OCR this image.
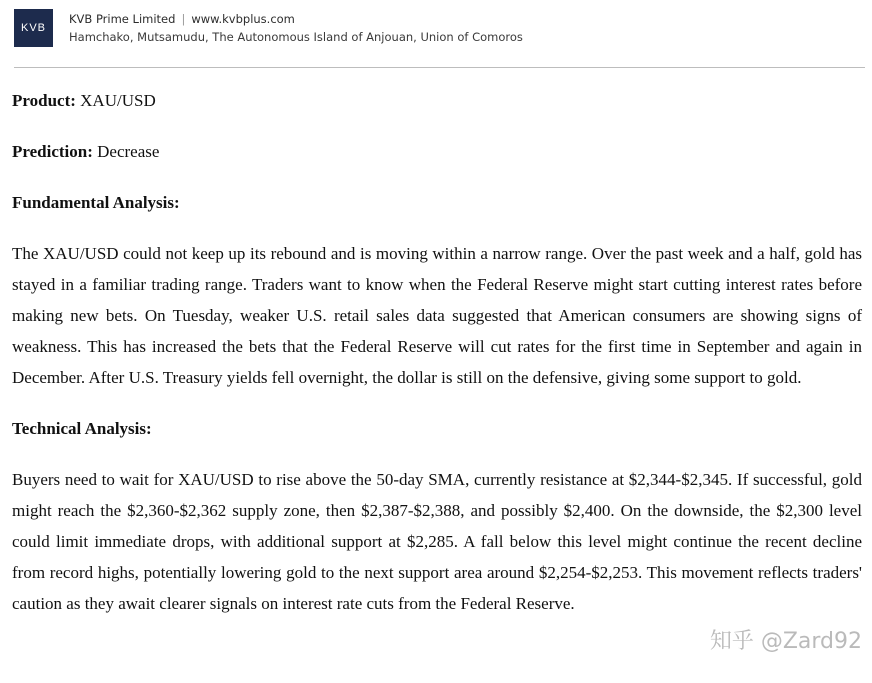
KVB
KVB Prime Limited | www.kvbplus.com
Hamchako, Mutsamudu, The Autonomous Island of Anjouan, Union of Comoros

Product: XAU/USD

Prediction: Decrease

Fundamental Analysis:

The XAU/USD could not keep up its rebound and is moving within a narrow range. Over the past week and a half, gold has stayed in a familiar trading range. Traders want to know when the Federal Reserve might start cutting interest rates before making new bets. On Tuesday, weaker U.S. retail sales data suggested that American consumers are showing signs of weakness. This has increased the bets that the Federal Reserve will cut rates for the first time in September and again in December. After U.S. Treasury yields fell overnight, the dollar is still on the defensive, giving some support to gold.

Technical Analysis:

Buyers need to wait for XAU/USD to rise above the 50-day SMA, currently resistance at $2,344-$2,345. If successful, gold might reach the $2,360-$2,362 supply zone, then $2,387-$2,388, and possibly $2,400. On the downside, the $2,300 level could limit immediate drops, with additional support at $2,285. A fall below this level might continue the recent decline from record highs, potentially lowering gold to the next support area around $2,254-$2,253. This movement reflects traders' caution as they await clearer signals on interest rate cuts from the Federal Reserve.

知乎 @Zard92
